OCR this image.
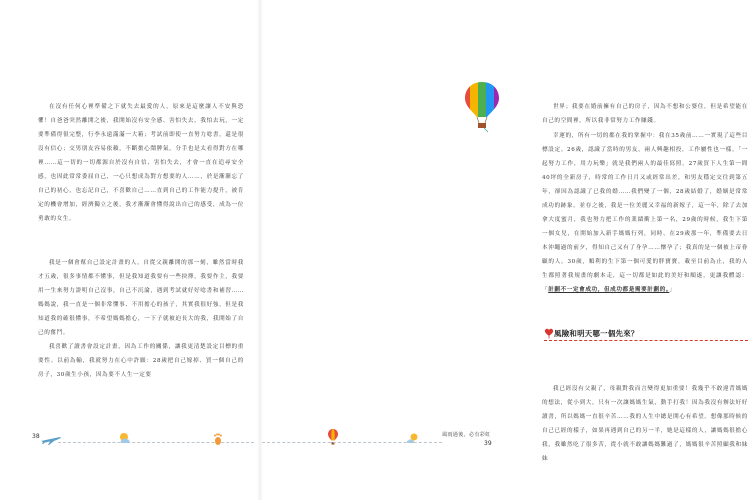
在沒有任何心裡準備之下就失去最愛的人，原來是這麼讓人不安與恐懼！自爸爸突然離開之後，我開始沒有安全感、害怕失去，我怕去玩，一定要準備得很完整，行李永遠滿滿一大箱；考試前即使一直努力唸書，還是很沒有信心；交男朋友容易依賴，不斷擔心鬧脾氣，分手也是太看得對方在哪裡……這一切的一切都源自於沒有自信、害怕失去，才會一直在追尋安全感，也因此常常委屈自己，一心只想成為對方想要的人……，於是漸漸忘了自己的初心，也忘記自己，不喜歡自己……直到自己的工作能力提升，被肯定的機會增加，經濟獨立之後，我才漸漸會懂得說出自己的感受，成為一位勇敢的女生。

我是一個會幫自己設定計畫的人，自從父親離開的那一刻，雖然當時我才五歲，很多事情都不懂事，但是我知道我要有一些抉擇，我要作主，我要用一生來努力證明自己沒事，自己不沉淪，遇到考試就好好唸書和補習……媽媽說，我一直是一個非常懂事、不用擔心的孩子，其實我很好強，但是我知道我的確很懂事，不希望媽媽擔心，一下子就被迫長大的我，我開始了自己的奮鬥。

我喜歡了讀書會設定計畫，因為工作的關係，讓我更清楚設定目標的重要性。以前為輸，我就努力在心中許願：28歲把自己嫁掉、買一個自己的房子，30歲生小孩，因為要不人生一定要

世界；我要在婚前擁有自己的房子，因為不想和公婆住，但是希望能在自己的空間裡，所以我非常努力工作賺錢。

幸運的，所有一切的都在我的掌握中：我在35歲前……一實現了這些目標設定。26歲，認識了當時的男友，兩人興趣相投，工作屬性也一樣，「一起努力工作，用力玩樂」就是我們兩人的最佳寫照。27歲買下人生第一間40坪的全新房子，時常的工作日月又或經常出差，和男友穩定交往到第五年，卻因為認識了已我的婚……我們變了一個，28歲結婚了，婚姻是常常成功的跡象。並存之後，我是一位美麗又幸福的新嫁子，這一年，除了去加拿大度蜜月，我也努力把工作的業績衝上第一名，29歲的時候，我生下第一個女兒，在開始加入新手媽媽行列，同時，在29歲那一年，準備要去日本沖繩過的前夕，得知自己又有了身孕……懷孕了；我真的是一個被上帝眷顧的人。30歲，順利的生下第一個可愛的胖寶寶，載至目前為止，我的人生都照著我規畫的劇本走，這一切都是如此的美好和順遂，更讓我體認：「計劃不一定會成功，但成功都是需要計劃的。」

風險和明天哪一個先來？

我已經沒有父親了，母親對我而言變得更加重要！我幾乎不敢違背媽媽的想法，從小到大，只有一次讓媽媽生氣，動手打我！因為我沒有辦法好好讀書，所以媽媽一直很辛苦……我的人生中總是開心有希望。想像那時候的自己已經的樣子，如果再遇到自己的另一半，她是這樣的人，讓媽媽很擔心我，我雖然吃了很多苦，從小就不敢讓媽媽難過了，媽媽很辛苦照顧我和妹妹

38	風雨過後，必有彩虹
39
